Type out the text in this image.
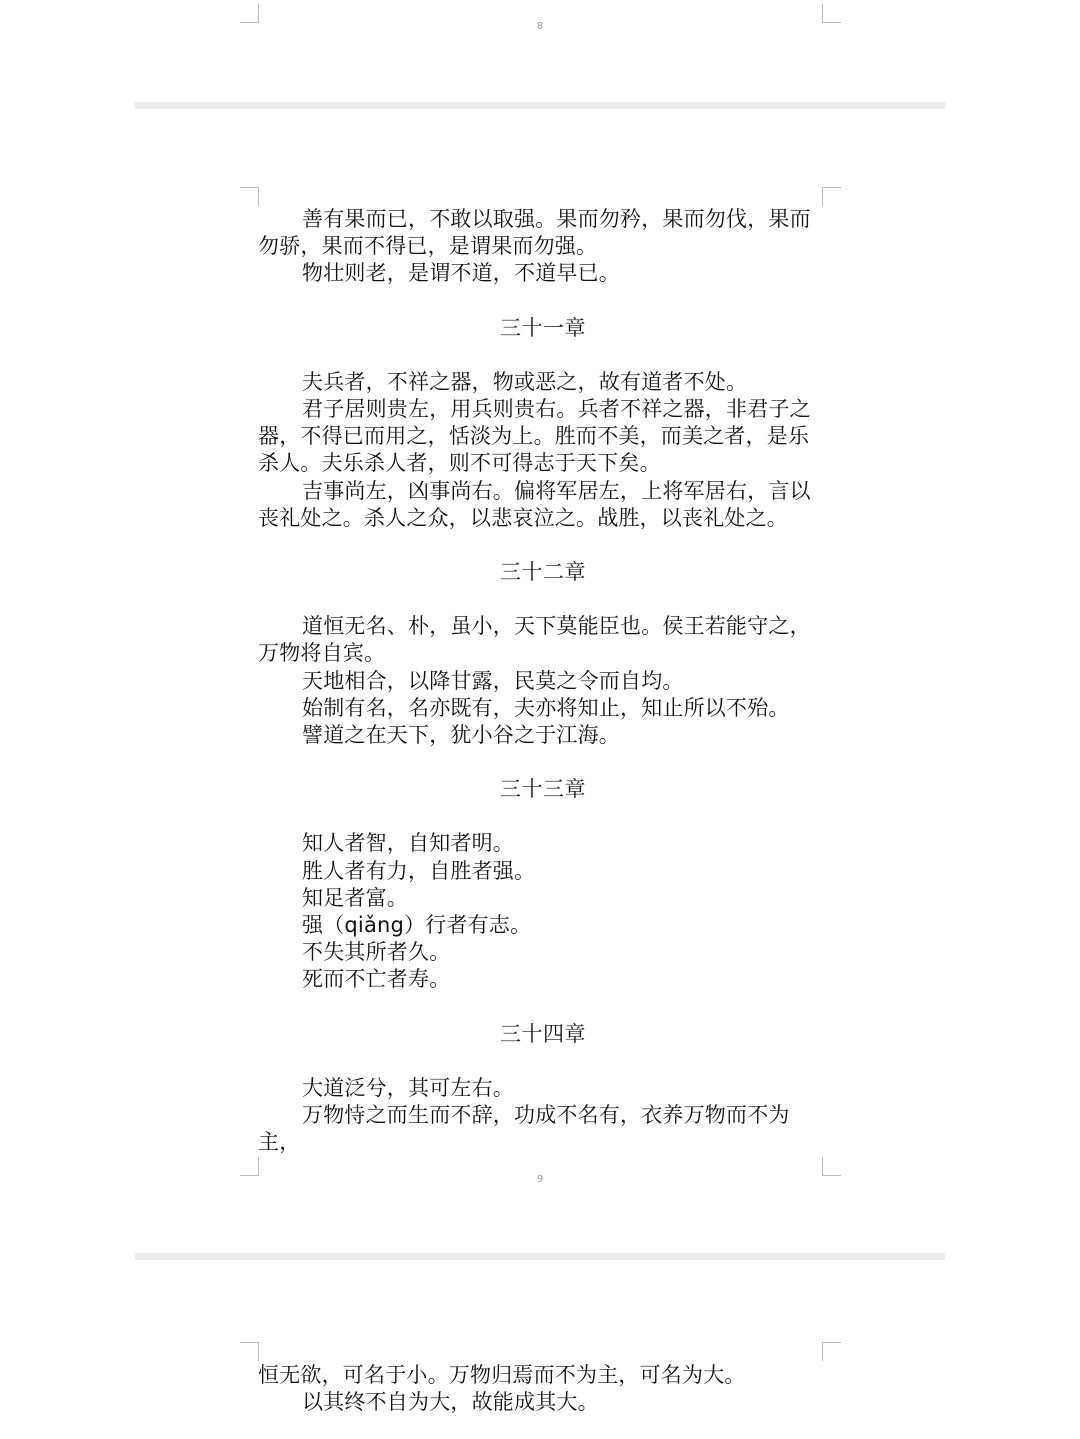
8

善有果而已，不敢以取强。果而勿矜，果而勿伐，果而勿骄，果而不得已，是谓果而勿强。

物壮则老，是谓不道，不道早已。

三十一章

夫兵者，不祥之器，物或恶之，故有道者不处。

君子居则贵左，用兵则贵右。兵者不祥之器，非君子之器，不得已而用之，恬淡为上。胜而不美，而美之者，是乐杀人。夫乐杀人者，则不可得志于天下矣。

吉事尚左，凶事尚右。偏将军居左，上将军居右，言以丧礼处之。杀人之众，以悲哀泣之。战胜，以丧礼处之。

三十二章

道恒无名、朴，虽小，天下莫能臣也。侯王若能守之，万物将自宾。

天地相合，以降甘露，民莫之令而自均。

始制有名，名亦既有，夫亦将知止，知止所以不殆。

譬道之在天下，犹小谷之于江海。

三十三章

知人者智，自知者明。

胜人者有力，自胜者强。

知足者富。

强（qiǎng）行者有志。

不失其所者久。

死而不亡者寿。

三十四章

大道泛兮，其可左右。

万物恃之而生而不辞，功成不名有，衣养万物而不为主，

9

恒无欲，可名于小。万物归焉而不为主，可名为大。

以其终不自为大，故能成其大。
